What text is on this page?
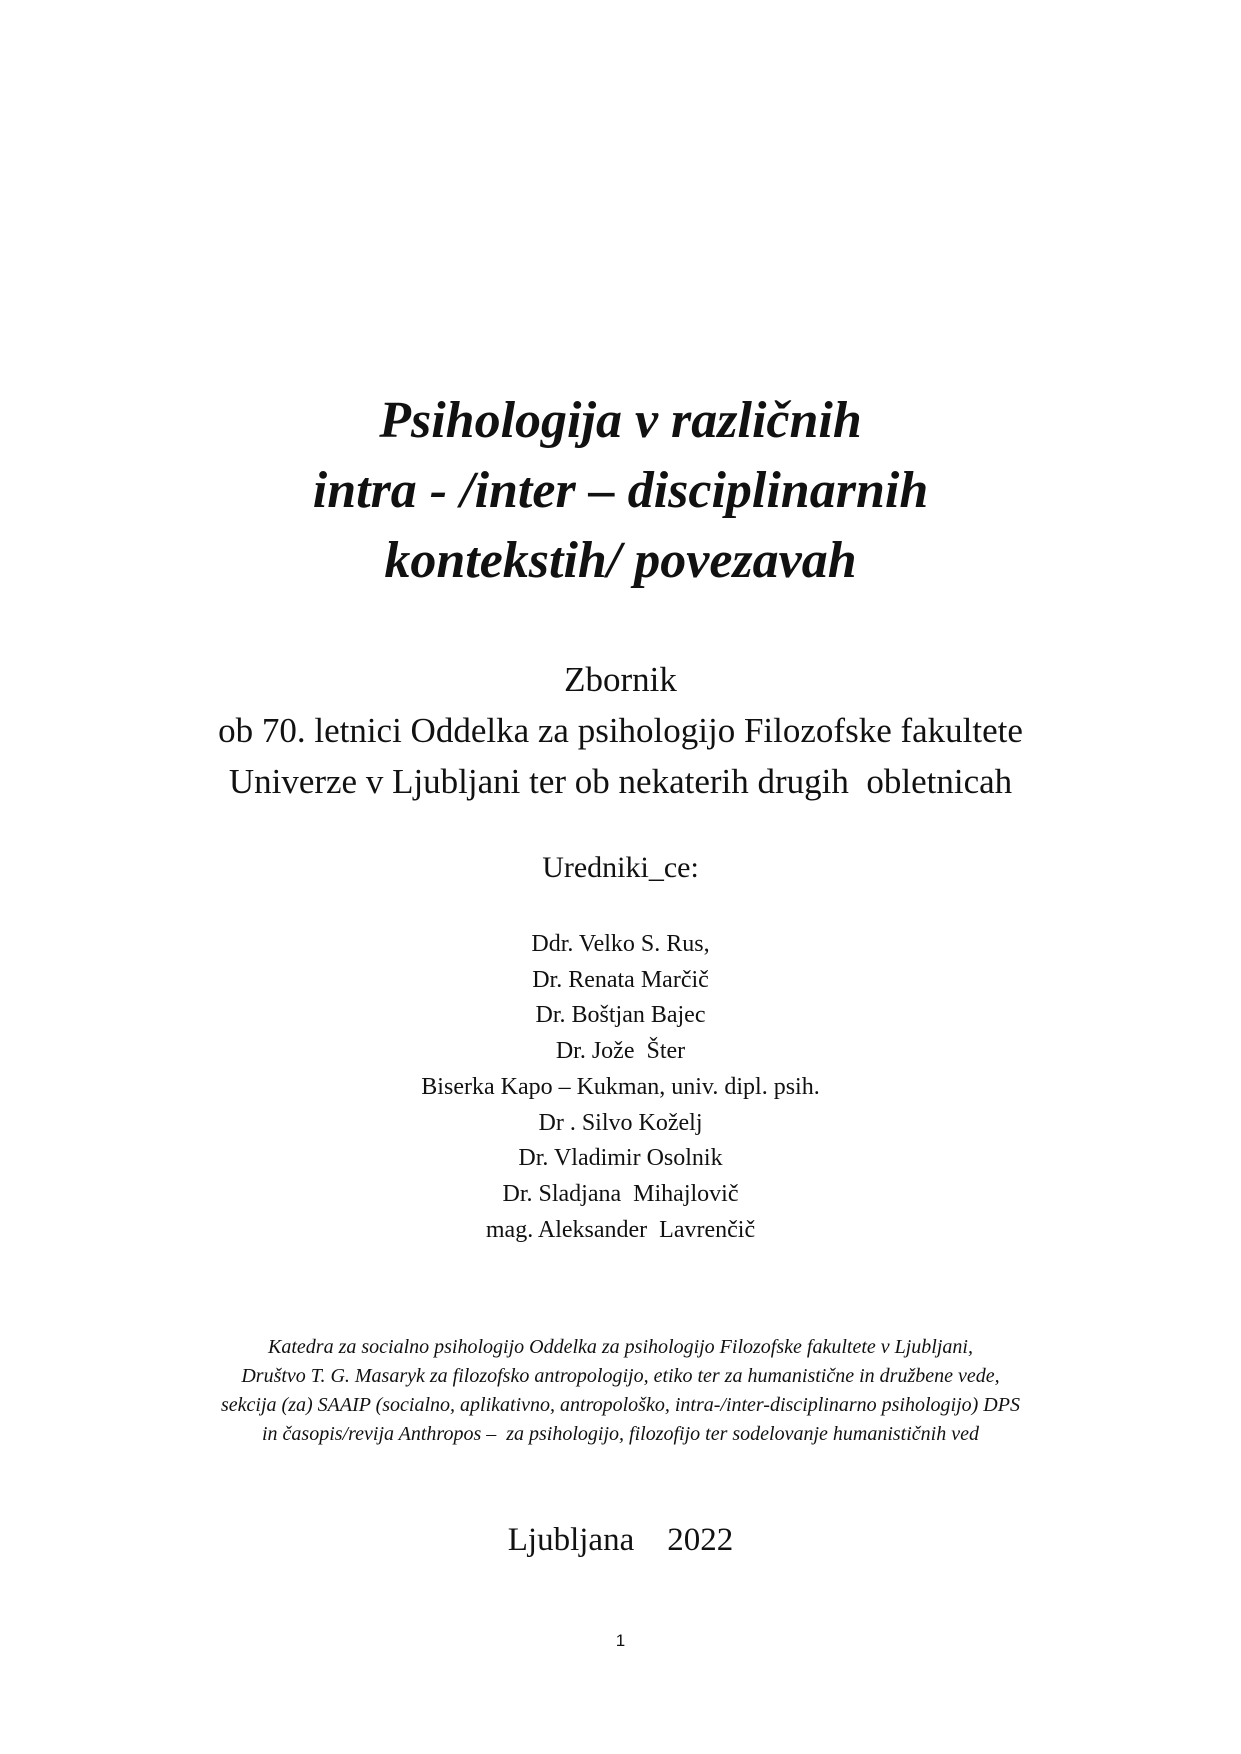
Psihologija v različnih
intra - /inter – disciplinarnih
kontekstih/ povezavah
Zbornik
ob 70. letnici Oddelka za psihologijo Filozofske fakultete
Univerze v Ljubljani ter ob nekaterih drugih  obletnicah
Uredniki_ce:
Ddr. Velko S. Rus,
Dr. Renata Marčič
Dr. Boštjan Bajec
Dr. Jože  Šter
Biserka Kapo – Kukman, univ. dipl. psih.
Dr . Silvo Koželj
Dr. Vladimir Osolnik
Dr. Sladjana  Mihajlovič
mag. Aleksander  Lavrenčič
Katedra za socialno psihologijo Oddelka za psihologijo Filozofske fakultete v Ljubljani,
Društvo T. G. Masaryk za filozofsko antropologijo, etiko ter za humanistične in družbene vede,
sekcija (za) SAAIP (socialno, aplikativno, antropološko, intra-/inter-disciplinarno psihologijo) DPS
in časopis/revija Anthropos –  za psihologijo, filozofijo ter sodelovanje humanističnih ved
Ljubljana    2022
1
